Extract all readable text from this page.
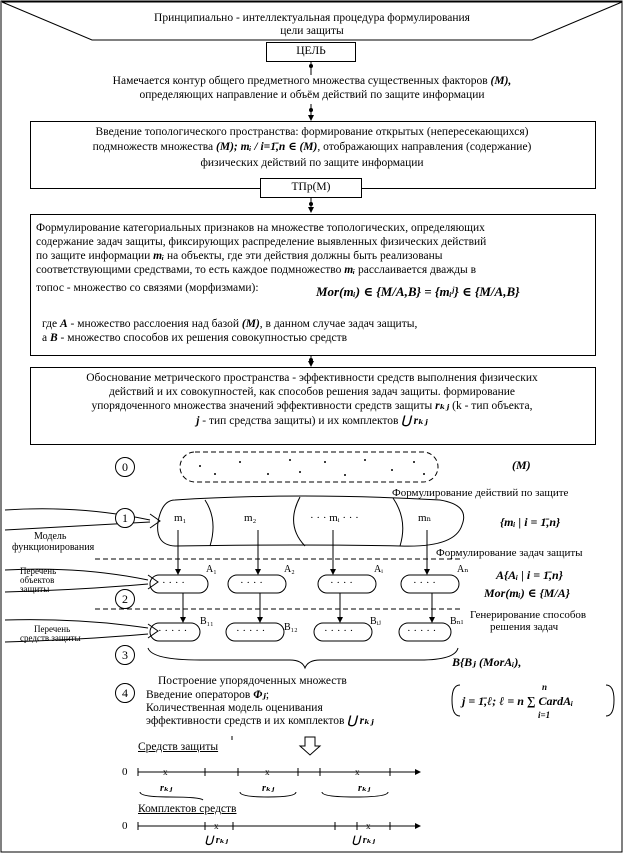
x	x	x
x	x
Принципиально - интеллектуальная процедура формулирования
цели защиты
ЦЕЛЬ
Намечается контур общего предметного множества существенных факторов (М),
определяющих направление и объём действий по защите информации
Введение топологического пространства: формирование открытых (непересекающихся)
подмножеств множества (М); mᵢ / i=1̄,n ∈ (М), отображающих направления (содержание)
физических действий по защите информации
ТПр(М)
Формулирование категориальных признаков на множестве топологических, определяющих
содержание задач защиты, фиксирующих распределение выявленных физических действий
по защите информации mᵢ на объекты, где эти действия должны быть реализованы
соответствующими средствами, то есть каждое подмножество mᵢ расслаивается дважды в
топос - множество со связями (морфизмами):	Mor(mᵢ) ∈ {M/A,B} = {mᵢʲ} ∈ {M/A,B}
где A - множество расслоения над базой (М), в данном случае задач защиты,
а B - множество способов их решения совокупностью средств
Обоснование метрического пространства - эффективности средств выполнения физических
действий и их совокупностей, как способов решения задач защиты. формирование
упорядоченного множества значений эффективности средств защиты rₖⱼ (k - тип объекта,
j - тип средства защиты) и их комплектов ⋃ rₖⱼ
0
1
2
3
4
(M)
Формулирование действий по защите
{mᵢ | i = 1̄,n}
Формулирование задач защиты
A{Aᵢ | i = 1̄,n}
Mor(mᵢ) ∈ {M/A}
Генерирование способов
решения задач
B{Bⱼ (MorAᵢ),
j = 1̄,ℓ; ℓ = n ∑ CardAᵢ
n
i=1
Модель
функционирования
Перечень
объектов
защиты
Перечень
средств защиты
m₁	m₂	· · · mᵢ · · ·	mₙ
· · · ·	· · · ·	· · · ·	· · · ·
A₁	A₂	Aᵢ	Aₙ
· · · · ·	· · · · ·	· · · · ·	· · · · ·
B₁₁
B₁₂
Bᵢⱼ	Bₙₗ
Построение упорядоченных множеств
Введение операторов Φⱼ;
Количественная модель оценивания
эффективности средств и их комплектов ⋃ rₖⱼ
Средств защиты
0
rₖⱼ	rₖⱼ	rₖⱼ
Комплектов средств
0
⋃ rₖⱼ	⋃ rₖⱼ
